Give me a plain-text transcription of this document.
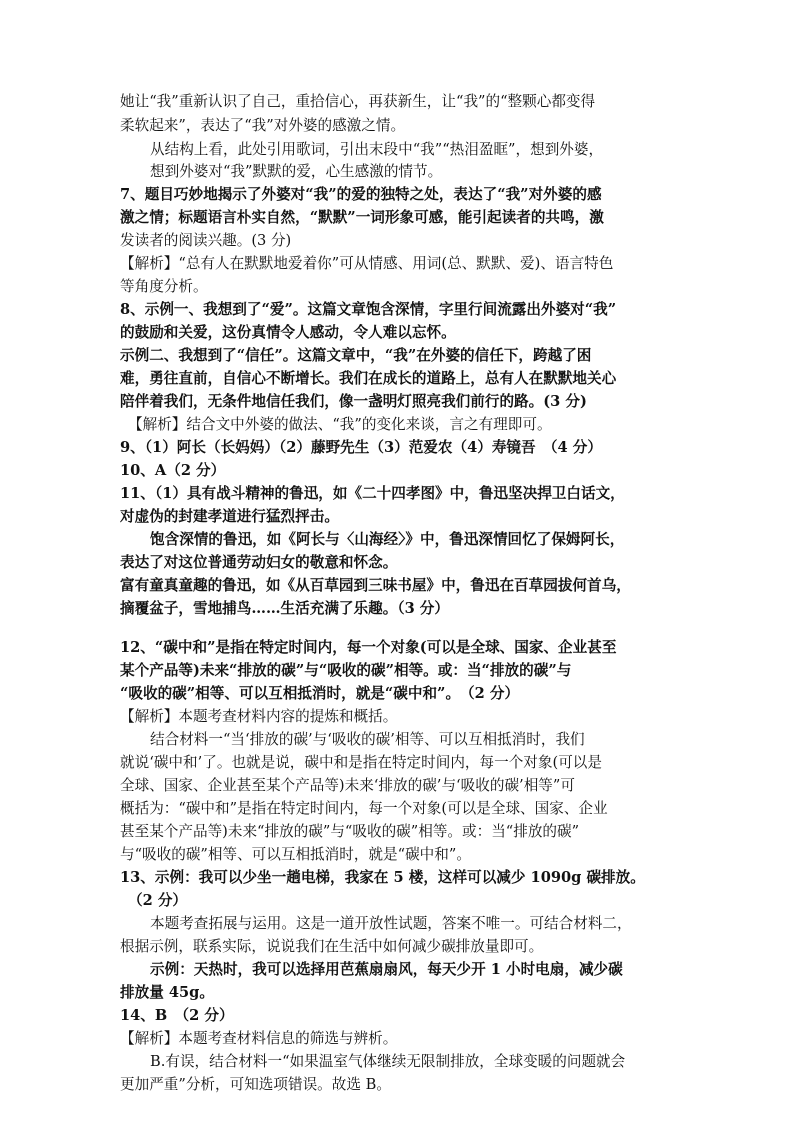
她让“我”重新认识了自己，重拾信心，再获新生，让“我”的“整颗心都变得
柔软起来”，表达了“我”对外婆的感激之情。
从结构上看，此处引用歌词，引出末段中“我”“热泪盈眶”，想到外婆，
想到外婆对“我”默默的爱，心生感激的情节。
7、题目巧妙地揭示了外婆对“我”的爱的独特之处，表达了“我”对外婆的感
激之情；标题语言朴实自然，“默默”一词形象可感，能引起读者的共鸣，激
发读者的阅读兴趣。(3 分)
【解析】“总有人在默默地爱着你”可从情感、用词(总、默默、爱)、语言特色
等角度分析。
8、示例一、我想到了“爱”。这篇文章饱含深情，字里行间流露出外婆对“我”
的鼓励和关爱，这份真情令人感动，令人难以忘怀。
示例二、我想到了“信任”。这篇文章中，“我”在外婆的信任下，跨越了困
难，勇往直前，自信心不断增长。我们在成长的道路上，总有人在默默地关心
陪伴着我们，无条件地信任我们，像一盏明灯照亮我们前行的路。(3 分)
【解析】结合文中外婆的做法、“我”的变化来谈，言之有理即可。
9、（1）阿长（长妈妈）（2）藤野先生（3）范爱农（4）寿镜吾　（4 分）
10、A（2 分）
11、（1）具有战斗精神的鲁迅，如《二十四孝图》中，鲁迅坚决捍卫白话文，
对虚伪的封建孝道进行猛烈抨击。
饱含深情的鲁迅，如《阿长与〈山海经〉》中，鲁迅深情回忆了保姆阿长，
表达了对这位普通劳动妇女的敬意和怀念。
富有童真童趣的鲁迅，如《从百草园到三味书屋》中，鲁迅在百草园拔何首乌，
摘覆盆子，雪地捕鸟……生活充满了乐趣。（3 分）
12、“碳中和”是指在特定时间内，每一个对象(可以是全球、国家、企业甚至
某个产品等)未来“排放的碳”与“吸收的碳”相等。或：当“排放的碳”与
“吸收的碳”相等、可以互相抵消时，就是“碳中和”。　（2 分）
【解析】本题考查材料内容的提炼和概括。
结合材料一“当‘排放的碳’与‘吸收的碳’相等、可以互相抵消时，我们
就说‘碳中和’了。也就是说，碳中和是指在特定时间内，每一个对象(可以是
全球、国家、企业甚至某个产品等)未来‘排放的碳’与‘吸收的碳’相等”可
概括为：“碳中和”是指在特定时间内，每一个对象(可以是全球、国家、企业
甚至某个产品等)未来“排放的碳”与“吸收的碳”相等。或：当“排放的碳”
与“吸收的碳”相等、可以互相抵消时，就是“碳中和”。
13、示例：我可以少坐一趟电梯，我家在 5 楼，这样可以减少 1090g 碳排放。
（2 分）
本题考查拓展与运用。这是一道开放性试题，答案不唯一。可结合材料二，
根据示例，联系实际，说说我们在生活中如何减少碳排放量即可。
示例：天热时，我可以选择用芭蕉扇扇风，每天少开 1 小时电扇，减少碳
排放量 45g。
14、B　（2 分）
【解析】本题考查材料信息的筛选与辨析。
B.有误，结合材料一“如果温室气体继续无限制排放，全球变暖的问题就会
更加严重”分析，可知选项错误。故选 B。
